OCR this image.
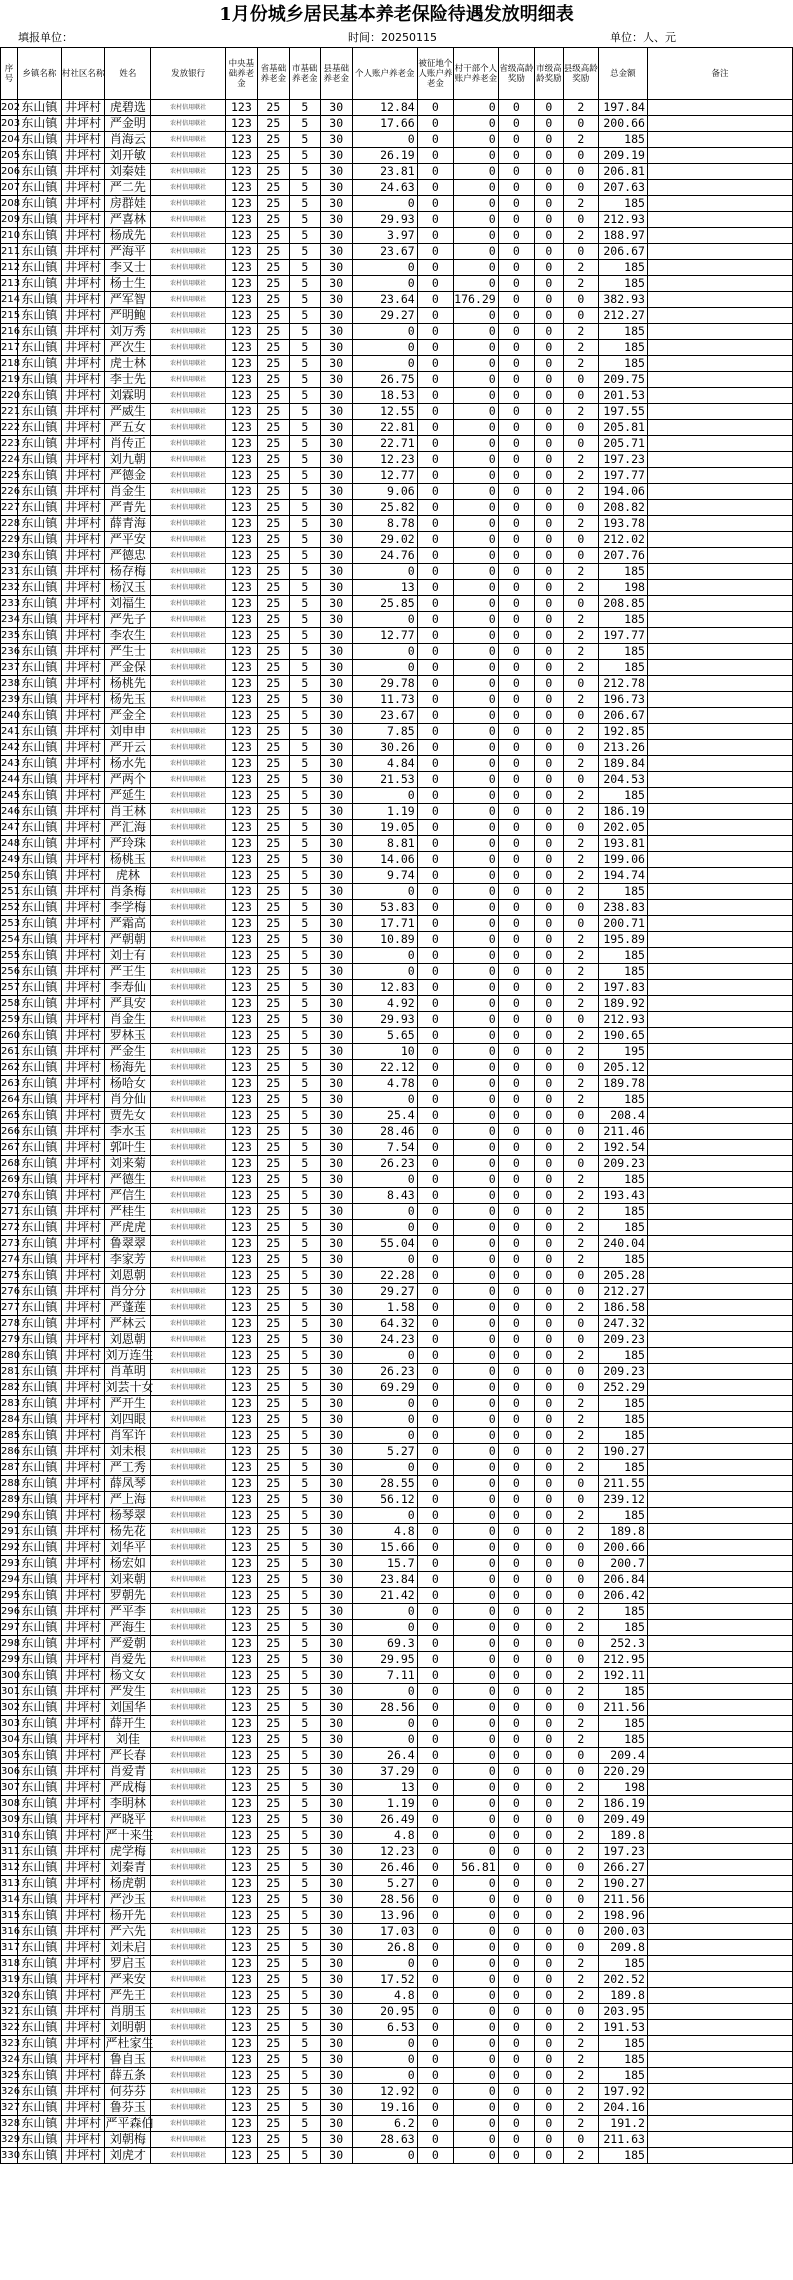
1月份城乡居民基本养老保险待遇发放明细表
填报单位：	时间：20250115	单位：人、元
序号	乡镇名称	村社区名称	姓名	发放银行	中央基础养老金	省基础养老金	市基础养老金	县基础养老金	个人账户养老金	被征地个人账户养老金	村干部个人账户养老金	省级高龄奖励	市级高龄奖励	县级高龄奖励	总金额	备注
202	东山镇	井坪村	虎碧选	农村信用联社	123	25	5	30	12.84	0	0	0	0	2	197.84	
203	东山镇	井坪村	严金明	农村信用联社	123	25	5	30	17.66	0	0	0	0	0	200.66	
204	东山镇	井坪村	肖海云	农村信用联社	123	25	5	30	0	0	0	0	0	2	185	
205	东山镇	井坪村	刘开敏	农村信用联社	123	25	5	30	26.19	0	0	0	0	0	209.19	
206	东山镇	井坪村	刘秦娃	农村信用联社	123	25	5	30	23.81	0	0	0	0	0	206.81	
207	东山镇	井坪村	严二先	农村信用联社	123	25	5	30	24.63	0	0	0	0	0	207.63	
208	东山镇	井坪村	房群娃	农村信用联社	123	25	5	30	0	0	0	0	0	2	185	
209	东山镇	井坪村	严喜林	农村信用联社	123	25	5	30	29.93	0	0	0	0	0	212.93	
210	东山镇	井坪村	杨成先	农村信用联社	123	25	5	30	3.97	0	0	0	0	2	188.97	
211	东山镇	井坪村	严海平	农村信用联社	123	25	5	30	23.67	0	0	0	0	0	206.67	
212	东山镇	井坪村	李又士	农村信用联社	123	25	5	30	0	0	0	0	0	2	185	
213	东山镇	井坪村	杨士生	农村信用联社	123	25	5	30	0	0	0	0	0	2	185	
214	东山镇	井坪村	严军智	农村信用联社	123	25	5	30	23.64	0	176.29	0	0	0	382.93	
215	东山镇	井坪村	严明鲍	农村信用联社	123	25	5	30	29.27	0	0	0	0	0	212.27	
216	东山镇	井坪村	刘万秀	农村信用联社	123	25	5	30	0	0	0	0	0	2	185	
217	东山镇	井坪村	严次生	农村信用联社	123	25	5	30	0	0	0	0	0	2	185	
218	东山镇	井坪村	虎士林	农村信用联社	123	25	5	30	0	0	0	0	0	2	185	
219	东山镇	井坪村	李士先	农村信用联社	123	25	5	30	26.75	0	0	0	0	0	209.75	
220	东山镇	井坪村	刘霖明	农村信用联社	123	25	5	30	18.53	0	0	0	0	0	201.53	
221	东山镇	井坪村	严威生	农村信用联社	123	25	5	30	12.55	0	0	0	0	2	197.55	
222	东山镇	井坪村	严五女	农村信用联社	123	25	5	30	22.81	0	0	0	0	0	205.81	
223	东山镇	井坪村	肖传正	农村信用联社	123	25	5	30	22.71	0	0	0	0	0	205.71	
224	东山镇	井坪村	刘九朝	农村信用联社	123	25	5	30	12.23	0	0	0	0	2	197.23	
225	东山镇	井坪村	严德金	农村信用联社	123	25	5	30	12.77	0	0	0	0	2	197.77	
226	东山镇	井坪村	肖金生	农村信用联社	123	25	5	30	9.06	0	0	0	0	2	194.06	
227	东山镇	井坪村	严青先	农村信用联社	123	25	5	30	25.82	0	0	0	0	0	208.82	
228	东山镇	井坪村	薛青海	农村信用联社	123	25	5	30	8.78	0	0	0	0	2	193.78	
229	东山镇	井坪村	严平安	农村信用联社	123	25	5	30	29.02	0	0	0	0	0	212.02	
230	东山镇	井坪村	严德忠	农村信用联社	123	25	5	30	24.76	0	0	0	0	0	207.76	
231	东山镇	井坪村	杨存梅	农村信用联社	123	25	5	30	0	0	0	0	0	2	185	
232	东山镇	井坪村	杨汉玉	农村信用联社	123	25	5	30	13	0	0	0	0	2	198	
233	东山镇	井坪村	刘福生	农村信用联社	123	25	5	30	25.85	0	0	0	0	0	208.85	
234	东山镇	井坪村	严先子	农村信用联社	123	25	5	30	0	0	0	0	0	2	185	
235	东山镇	井坪村	李农生	农村信用联社	123	25	5	30	12.77	0	0	0	0	2	197.77	
236	东山镇	井坪村	严生士	农村信用联社	123	25	5	30	0	0	0	0	0	2	185	
237	东山镇	井坪村	严金保	农村信用联社	123	25	5	30	0	0	0	0	0	2	185	
238	东山镇	井坪村	杨桃先	农村信用联社	123	25	5	30	29.78	0	0	0	0	0	212.78	
239	东山镇	井坪村	杨先玉	农村信用联社	123	25	5	30	11.73	0	0	0	0	2	196.73	
240	东山镇	井坪村	严金全	农村信用联社	123	25	5	30	23.67	0	0	0	0	0	206.67	
241	东山镇	井坪村	刘申申	农村信用联社	123	25	5	30	7.85	0	0	0	0	2	192.85	
242	东山镇	井坪村	严开云	农村信用联社	123	25	5	30	30.26	0	0	0	0	0	213.26	
243	东山镇	井坪村	杨水先	农村信用联社	123	25	5	30	4.84	0	0	0	0	2	189.84	
244	东山镇	井坪村	严两个	农村信用联社	123	25	5	30	21.53	0	0	0	0	0	204.53	
245	东山镇	井坪村	严延生	农村信用联社	123	25	5	30	0	0	0	0	0	2	185	
246	东山镇	井坪村	肖王林	农村信用联社	123	25	5	30	1.19	0	0	0	0	2	186.19	
247	东山镇	井坪村	严汇海	农村信用联社	123	25	5	30	19.05	0	0	0	0	0	202.05	
248	东山镇	井坪村	严玲珠	农村信用联社	123	25	5	30	8.81	0	0	0	0	2	193.81	
249	东山镇	井坪村	杨桃玉	农村信用联社	123	25	5	30	14.06	0	0	0	0	2	199.06	
250	东山镇	井坪村	虎林	农村信用联社	123	25	5	30	9.74	0	0	0	0	2	194.74	
251	东山镇	井坪村	肖条梅	农村信用联社	123	25	5	30	0	0	0	0	0	2	185	
252	东山镇	井坪村	李学梅	农村信用联社	123	25	5	30	53.83	0	0	0	0	0	238.83	
253	东山镇	井坪村	严霜高	农村信用联社	123	25	5	30	17.71	0	0	0	0	0	200.71	
254	东山镇	井坪村	严朝朝	农村信用联社	123	25	5	30	10.89	0	0	0	0	2	195.89	
255	东山镇	井坪村	刘士有	农村信用联社	123	25	5	30	0	0	0	0	0	2	185	
256	东山镇	井坪村	严王生	农村信用联社	123	25	5	30	0	0	0	0	0	2	185	
257	东山镇	井坪村	李寿仙	农村信用联社	123	25	5	30	12.83	0	0	0	0	2	197.83	
258	东山镇	井坪村	严具安	农村信用联社	123	25	5	30	4.92	0	0	0	0	2	189.92	
259	东山镇	井坪村	肖金生	农村信用联社	123	25	5	30	29.93	0	0	0	0	0	212.93	
260	东山镇	井坪村	罗林玉	农村信用联社	123	25	5	30	5.65	0	0	0	0	2	190.65	
261	东山镇	井坪村	严金生	农村信用联社	123	25	5	30	10	0	0	0	0	2	195	
262	东山镇	井坪村	杨海先	农村信用联社	123	25	5	30	22.12	0	0	0	0	0	205.12	
263	东山镇	井坪村	杨哈女	农村信用联社	123	25	5	30	4.78	0	0	0	0	2	189.78	
264	东山镇	井坪村	肖分仙	农村信用联社	123	25	5	30	0	0	0	0	0	2	185	
265	东山镇	井坪村	贾先女	农村信用联社	123	25	5	30	25.4	0	0	0	0	0	208.4	
266	东山镇	井坪村	李水玉	农村信用联社	123	25	5	30	28.46	0	0	0	0	0	211.46	
267	东山镇	井坪村	郭叶生	农村信用联社	123	25	5	30	7.54	0	0	0	0	2	192.54	
268	东山镇	井坪村	刘来菊	农村信用联社	123	25	5	30	26.23	0	0	0	0	0	209.23	
269	东山镇	井坪村	严德生	农村信用联社	123	25	5	30	0	0	0	0	0	2	185	
270	东山镇	井坪村	严信生	农村信用联社	123	25	5	30	8.43	0	0	0	0	2	193.43	
271	东山镇	井坪村	严桂生	农村信用联社	123	25	5	30	0	0	0	0	0	2	185	
272	东山镇	井坪村	严虎虎	农村信用联社	123	25	5	30	0	0	0	0	0	2	185	
273	东山镇	井坪村	鲁翠翠	农村信用联社	123	25	5	30	55.04	0	0	0	0	2	240.04	
274	东山镇	井坪村	李家芳	农村信用联社	123	25	5	30	0	0	0	0	0	2	185	
275	东山镇	井坪村	刘恩朝	农村信用联社	123	25	5	30	22.28	0	0	0	0	0	205.28	
276	东山镇	井坪村	肖分分	农村信用联社	123	25	5	30	29.27	0	0	0	0	0	212.27	
277	东山镇	井坪村	严蓬莲	农村信用联社	123	25	5	30	1.58	0	0	0	0	2	186.58	
278	东山镇	井坪村	严林云	农村信用联社	123	25	5	30	64.32	0	0	0	0	0	247.32	
279	东山镇	井坪村	刘恩朝	农村信用联社	123	25	5	30	24.23	0	0	0	0	0	209.23	
280	东山镇	井坪村	刘万连生	农村信用联社	123	25	5	30	0	0	0	0	0	2	185	
281	东山镇	井坪村	肖革明	农村信用联社	123	25	5	30	26.23	0	0	0	0	0	209.23	
282	东山镇	井坪村	刘芸十女	农村信用联社	123	25	5	30	69.29	0	0	0	0	0	252.29	
283	东山镇	井坪村	严开生	农村信用联社	123	25	5	30	0	0	0	0	0	2	185	
284	东山镇	井坪村	刘四眼	农村信用联社	123	25	5	30	0	0	0	0	0	2	185	
285	东山镇	井坪村	肖军许	农村信用联社	123	25	5	30	0	0	0	0	0	2	185	
286	东山镇	井坪村	刘未根	农村信用联社	123	25	5	30	5.27	0	0	0	0	2	190.27	
287	东山镇	井坪村	严工秀	农村信用联社	123	25	5	30	0	0	0	0	0	2	185	
288	东山镇	井坪村	薛凤琴	农村信用联社	123	25	5	30	28.55	0	0	0	0	0	211.55	
289	东山镇	井坪村	严上海	农村信用联社	123	25	5	30	56.12	0	0	0	0	0	239.12	
290	东山镇	井坪村	杨琴翠	农村信用联社	123	25	5	30	0	0	0	0	0	2	185	
291	东山镇	井坪村	杨先花	农村信用联社	123	25	5	30	4.8	0	0	0	0	2	189.8	
292	东山镇	井坪村	刘华平	农村信用联社	123	25	5	30	15.66	0	0	0	0	0	200.66	
293	东山镇	井坪村	杨宏如	农村信用联社	123	25	5	30	15.7	0	0	0	0	0	200.7	
294	东山镇	井坪村	刘来朝	农村信用联社	123	25	5	30	23.84	0	0	0	0	0	206.84	
295	东山镇	井坪村	罗朝先	农村信用联社	123	25	5	30	21.42	0	0	0	0	0	206.42	
296	东山镇	井坪村	严平李	农村信用联社	123	25	5	30	0	0	0	0	0	2	185	
297	东山镇	井坪村	严海生	农村信用联社	123	25	5	30	0	0	0	0	0	2	185	
298	东山镇	井坪村	严爱朝	农村信用联社	123	25	5	30	69.3	0	0	0	0	0	252.3	
299	东山镇	井坪村	肖爱先	农村信用联社	123	25	5	30	29.95	0	0	0	0	0	212.95	
300	东山镇	井坪村	杨文女	农村信用联社	123	25	5	30	7.11	0	0	0	0	2	192.11	
301	东山镇	井坪村	严发生	农村信用联社	123	25	5	30	0	0	0	0	0	2	185	
302	东山镇	井坪村	刘国华	农村信用联社	123	25	5	30	28.56	0	0	0	0	0	211.56	
303	东山镇	井坪村	薛开生	农村信用联社	123	25	5	30	0	0	0	0	0	2	185	
304	东山镇	井坪村	刘佳	农村信用联社	123	25	5	30	0	0	0	0	0	2	185	
305	东山镇	井坪村	严长春	农村信用联社	123	25	5	30	26.4	0	0	0	0	0	209.4	
306	东山镇	井坪村	肖爱青	农村信用联社	123	25	5	30	37.29	0	0	0	0	0	220.29	
307	东山镇	井坪村	严成梅	农村信用联社	123	25	5	30	13	0	0	0	0	2	198	
308	东山镇	井坪村	李明林	农村信用联社	123	25	5	30	1.19	0	0	0	0	2	186.19	
309	东山镇	井坪村	严晓平	农村信用联社	123	25	5	30	26.49	0	0	0	0	0	209.49	
310	东山镇	井坪村	严十来生	农村信用联社	123	25	5	30	4.8	0	0	0	0	2	189.8	
311	东山镇	井坪村	虎学梅	农村信用联社	123	25	5	30	12.23	0	0	0	0	2	197.23	
312	东山镇	井坪村	刘秦青	农村信用联社	123	25	5	30	26.46	0	56.81	0	0	0	266.27	
313	东山镇	井坪村	杨虎朝	农村信用联社	123	25	5	30	5.27	0	0	0	0	2	190.27	
314	东山镇	井坪村	严沙玉	农村信用联社	123	25	5	30	28.56	0	0	0	0	0	211.56	
315	东山镇	井坪村	杨开先	农村信用联社	123	25	5	30	13.96	0	0	0	0	2	198.96	
316	东山镇	井坪村	严六先	农村信用联社	123	25	5	30	17.03	0	0	0	0	0	200.03	
317	东山镇	井坪村	刘未启	农村信用联社	123	25	5	30	26.8	0	0	0	0	0	209.8	
318	东山镇	井坪村	罗启玉	农村信用联社	123	25	5	30	0	0	0	0	0	2	185	
319	东山镇	井坪村	严来安	农村信用联社	123	25	5	30	17.52	0	0	0	0	2	202.52	
320	东山镇	井坪村	严先王	农村信用联社	123	25	5	30	4.8	0	0	0	0	2	189.8	
321	东山镇	井坪村	肖朋玉	农村信用联社	123	25	5	30	20.95	0	0	0	0	0	203.95	
322	东山镇	井坪村	刘明朝	农村信用联社	123	25	5	30	6.53	0	0	0	0	2	191.53	
323	东山镇	井坪村	严杜家生	农村信用联社	123	25	5	30	0	0	0	0	0	2	185	
324	东山镇	井坪村	鲁自玉	农村信用联社	123	25	5	30	0	0	0	0	0	2	185	
325	东山镇	井坪村	薛五条	农村信用联社	123	25	5	30	0	0	0	0	0	2	185	
326	东山镇	井坪村	何芬芬	农村信用联社	123	25	5	30	12.92	0	0	0	0	2	197.92	
327	东山镇	井坪村	鲁芬玉	农村信用联社	123	25	5	30	19.16	0	0	0	0	2	204.16	
328	东山镇	井坪村	严平森伯	农村信用联社	123	25	5	30	6.2	0	0	0	0	2	191.2	
329	东山镇	井坪村	刘朝梅	农村信用联社	123	25	5	30	28.63	0	0	0	0	0	211.63	
330	东山镇	井坪村	刘虎才	农村信用联社	123	25	5	30	0	0	0	0	0	2	185	
